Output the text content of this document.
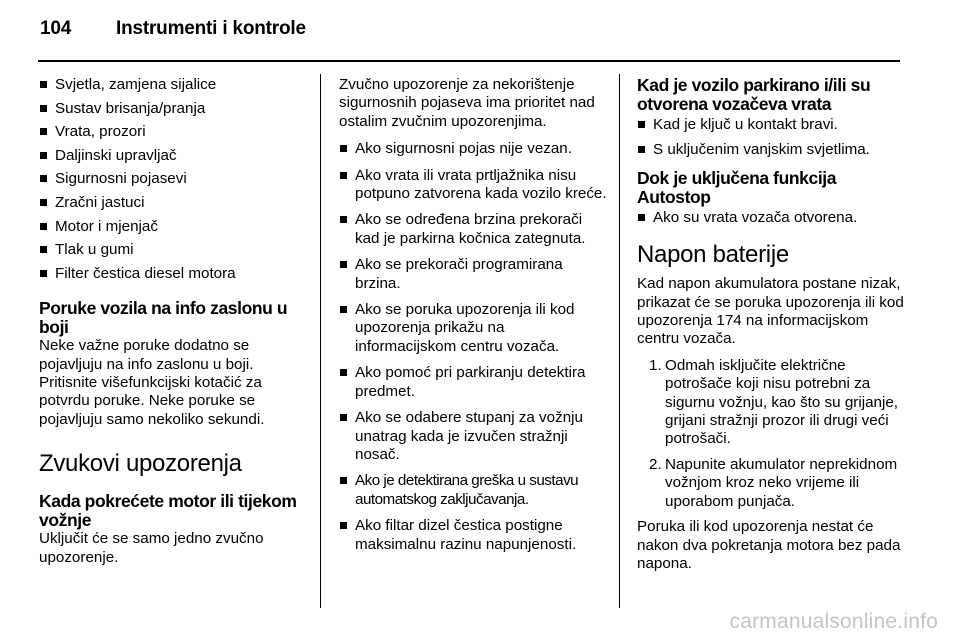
104 Instrumenti i kontrole
Svjetla, zamjena sijalice
Sustav brisanja/pranja
Vrata, prozori
Daljinski upravljač
Sigurnosni pojasevi
Zračni jastuci
Motor i mjenjač
Tlak u gumi
Filter čestica diesel motora

Poruke vozila na info zaslonu u boji

Neke važne poruke dodatno se pojavljuju na info zaslonu u boji. Pritisnite višefunkcijski kotačić za potvrdu poruke. Neke poruke se pojavljuju samo nekoliko sekundi.

Zvukovi upozorenja

Kada pokrećete motor ili tijekom vožnje

Uključit će se samo jedno zvučno upozorenje.

Zvučno upozorenje za nekorištenje sigurnosnih pojaseva ima prioritet nad ostalim zvučnim upozorenjima.

Ako sigurnosni pojas nije vezan.
Ako vrata ili vrata prtljažnika nisu potpuno zatvorena kada vozilo kreće.
Ako se određena brzina prekorači kad je parkirna kočnica zategnuta.
Ako se prekorači programirana brzina.
Ako se poruka upozorenja ili kod upozorenja prikažu na informacijskom centru vozača.
Ako pomoć pri parkiranju detektira predmet.
Ako se odabere stupanj za vožnju unatrag kada je izvučen stražnji nosač.
Ako je detektirana greška u sustavu automatskog zaključavanja.
Ako filtar dizel čestica postigne maksimalnu razinu napunjenosti.

Kad je vozilo parkirano i/ili su otvorena vozačeva vrata

Kad je ključ u kontakt bravi.
S uključenim vanjskim svjetlima.

Dok je uključena funkcija Autostop

Ako su vrata vozača otvorena.

Napon baterije

Kad napon akumulatora postane nizak, prikazat će se poruka upozorenja ili kod upozorenja 174 na informacijskom centru vozača.

1. Odmah isključite električne potrošače koji nisu potrebni za sigurnu vožnju, kao što su grijanje, grijani stražnji prozor ili drugi veći potrošači.
2. Napunite akumulator neprekidnom vožnjom kroz neko vrijeme ili uporabom punjača.

Poruka ili kod upozorenja nestat će nakon dva pokretanja motora bez pada napona.

carmanualsonline.info
